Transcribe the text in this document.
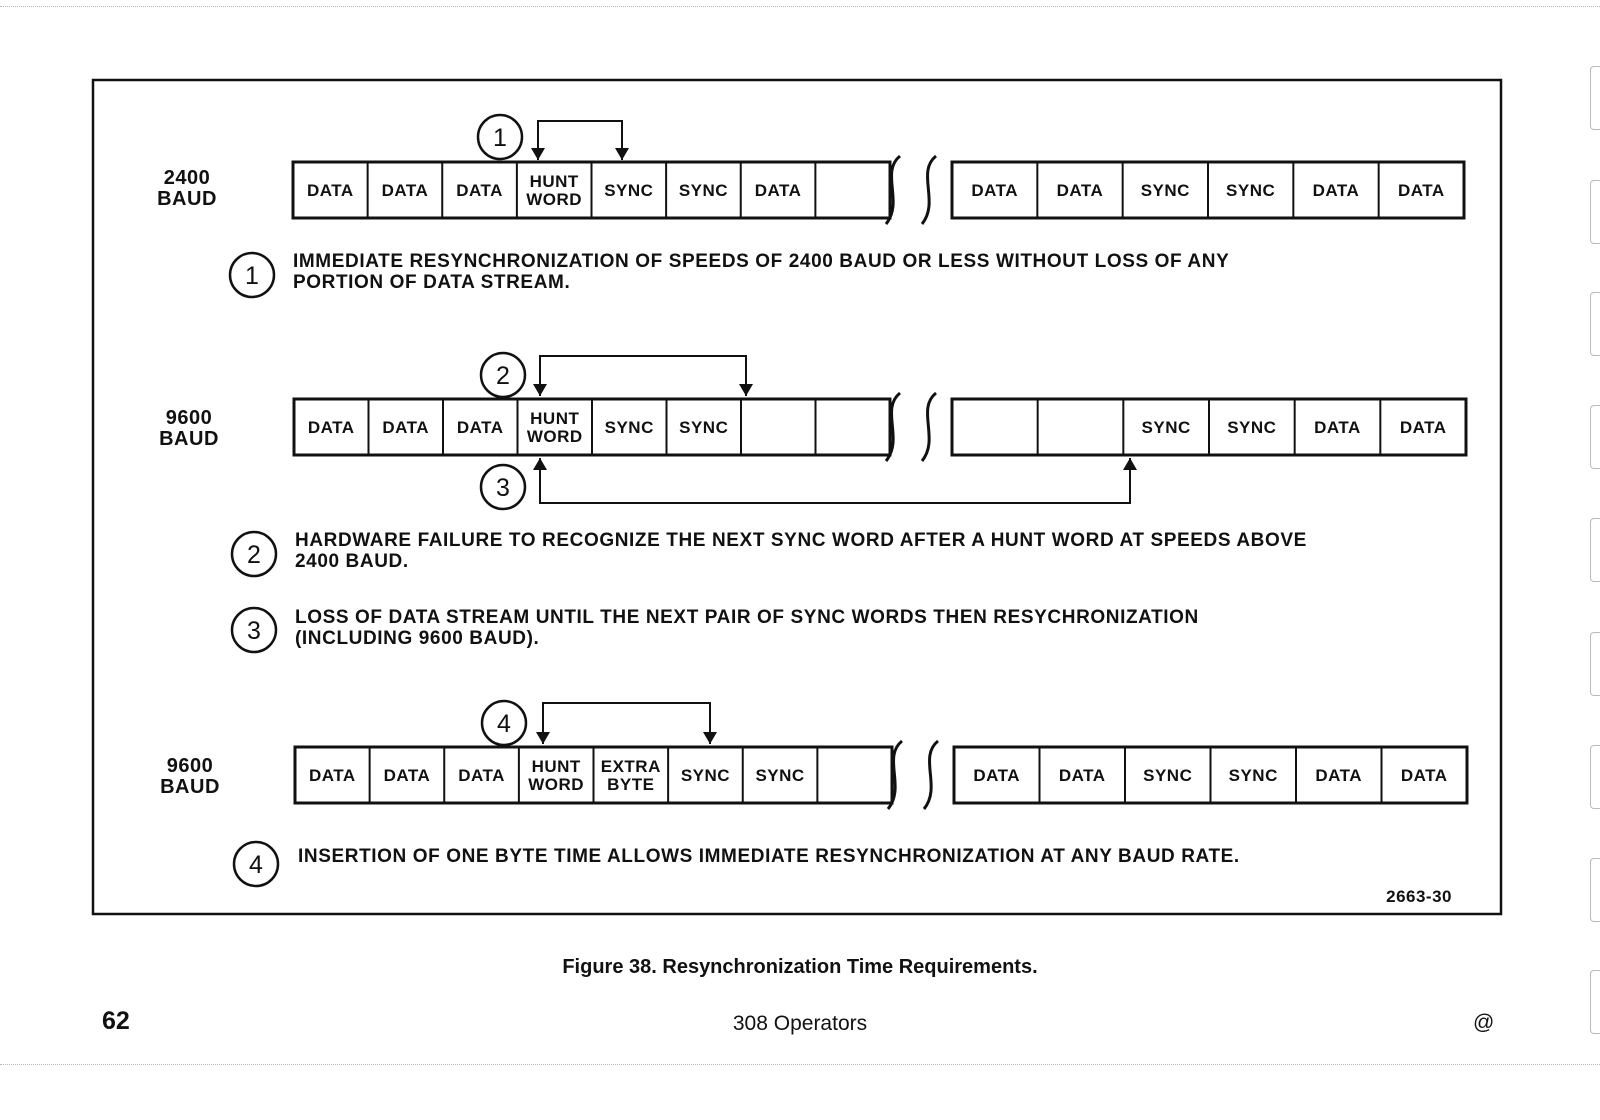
DATA DATA DATA HUNT
WORD SYNC SYNC DATA	DATA DATA SYNC SYNC DATA DATA
DATA DATA DATA HUNT
WORD SYNC SYNC	SYNC SYNC DATA DATA
DATA DATA DATA HUNT
WORD
EXTRA
BYTE SYNC SYNC	DATA DATA SYNC SYNC DATA DATA
1
2
3
4
1
2
3
4
2400
BAUD
9600
BAUD
9600
BAUD
IMMEDIATE RESYNCHRONIZATION OF SPEEDS OF 2400 BAUD OR LESS WITHOUT LOSS OF ANY
PORTION OF DATA STREAM.
HARDWARE FAILURE TO RECOGNIZE THE NEXT SYNC WORD AFTER A HUNT WORD AT SPEEDS ABOVE
2400 BAUD.
LOSS OF DATA STREAM UNTIL THE NEXT PAIR OF SYNC WORDS THEN RESYCHRONIZATION
(INCLUDING 9600 BAUD).
INSERTION OF ONE BYTE TIME ALLOWS IMMEDIATE RESYNCHRONIZATION AT ANY BAUD RATE.
2663-30
Figure 38. Resynchronization Time Requirements.
62	308 Operators	@
